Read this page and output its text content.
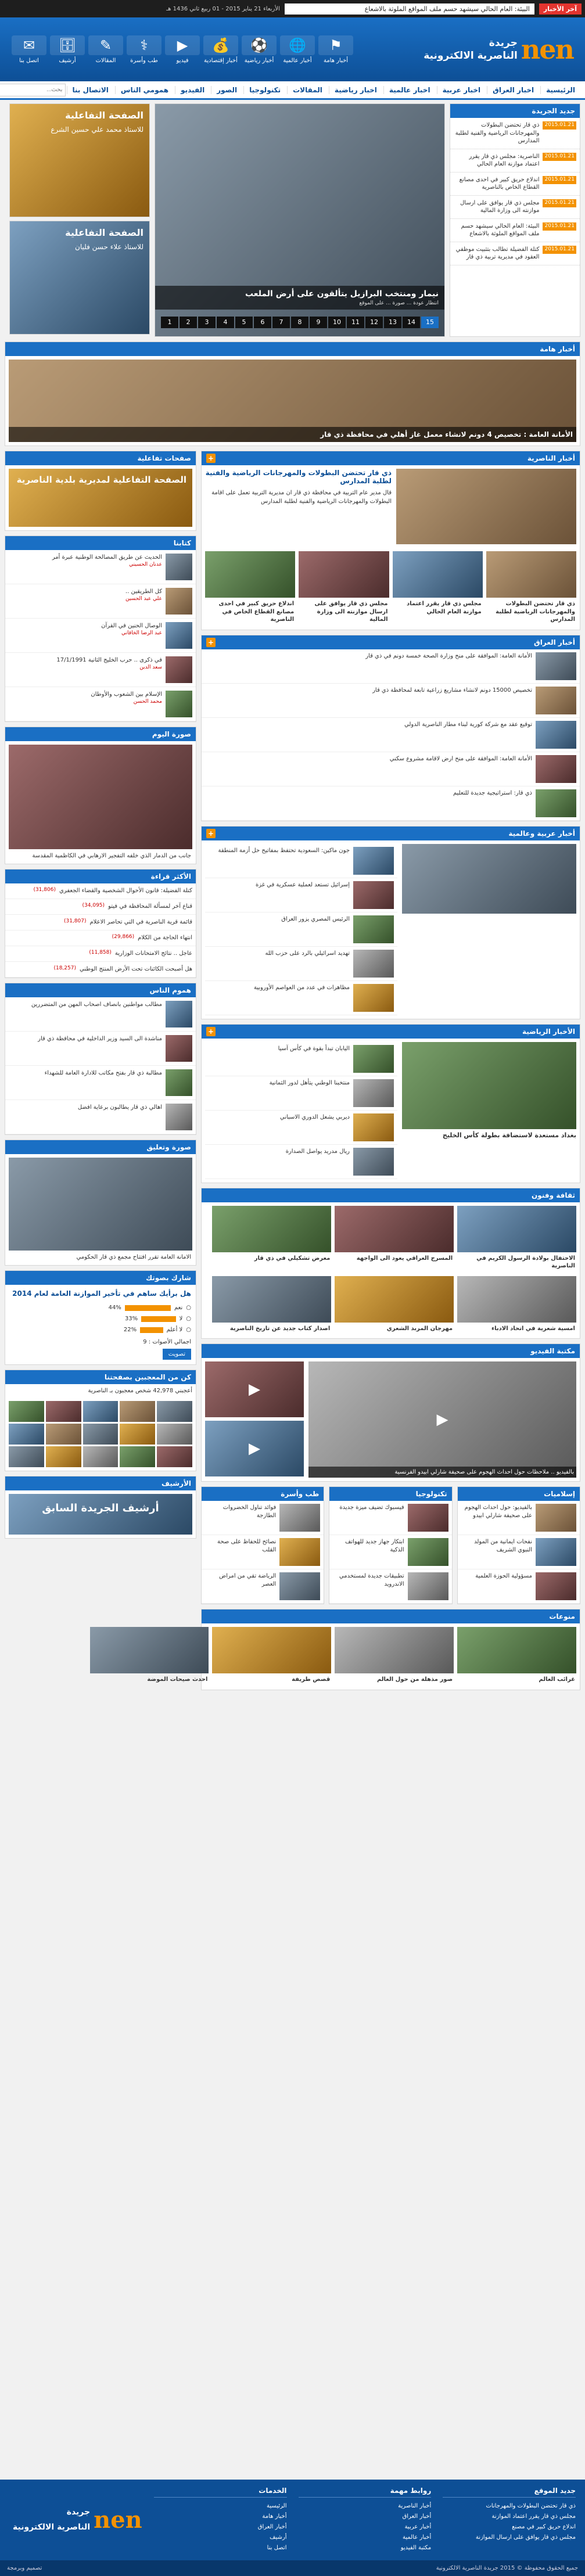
آخر الأخبار
البيئة: العام الحالي سيشهد حسم ملف المواقع الملوثة بالاشعاع
الأربعاء 21 يناير 2015 - 01 ربيع ثاني 1436 هـ
nen
جريدة
الناصرية الالكترونية
⚑
أخبار هامة
🌐
أخبار عالمية
⚽
أخبار رياضية
💰
أخبار إقتصادية
▶
فيديو
⚕
طب وأسرة
✎
المقالات
🗄
أرشيف
✉
اتصل بنا
الرئيسية
اخبار العراق
اخبار عربية
اخبار عالمية
اخبار رياضية
المقالات
تكنولوجيا
الصور
الفيديو
همومي الناس
الاتصال بنا
بحث...
جديد الجريدة
2015.01.21
ذي قار تحتضن البطولات والمهرجانات الرياضية والفنية لطلبة المدارس
2015.01.21
الناصرية: مجلس ذي قار يقرر اعتماد موازنة العام الحالي
2015.01.21
اندلاع حريق كبير في احدى مصانع القطاع الخاص بالناصرية
2015.01.21
مجلس ذي قار يوافق على ارسال موازنته الى وزارة المالية
2015.01.21
البيئة: العام الحالي سيشهد حسم ملف المواقع الملوثة بالاشعاع
2015.01.21
كتلة الفضيلة تطالب بتثبيت موظفي العقود في مديرية تربية ذي قار
نيمار ومنتخب البرازيل يتألقون على أرض الملعب
انتظار عودة ... صورة ... على الموقع
1	2	3	4	5	6	7	8	9	10	11	12	13	14	15
الصفحة التفاعلية
للاستاذ محمد علي حسين الشرع
الصفحة التفاعلية
للاستاذ علاء حسن فليان
أخبار هامة
الأمانة العامة : تخصيص 4 دونم لانشاء معمل غاز أهلي في محافظة ذي قار
صفحات تفاعلية
الصفحة التفاعلية لمديرية بلدية الناصرية
كتابنا
الحديث عن طريق المصالحة الوطنية عبرة أمر
عدنان الحسيني
كل الطريقين ..
علي عبد الحسين
الوصال الحنين في القرآن
عبد الرضا الخاقاني
في ذكرى .. حرب الخليج الثانية 17/1/1991
سعد الدين
الإسلام بين الشعوب والأوطان
محمد الحسن
صورة اليوم
جانب من الدمار الذي خلفه التفجير الارهابي في الكاظمية المقدسة
الأكثر قراءة
كتلة الفضيلة: قانون الأحوال الشخصية والقضاء الجعفري
(31,806)
قناع آخر لمسألة المحافظة في فيتو
(34,095)
قائمة قرية الناصرية في التي تحاصر الاعلام
(31,807)
انتهاء الحاجة من الكلام
(29,866)
عاجل .. نتائج الامتحانات الوزارية
(11,858)
هل أصبحت الكائنات تحت الأرض المنتج الوطني
(18,257)
هموم الناس
مطالب مواطنين بانصاف اصحاب المهن من المتضررين
مناشدة الى السيد وزير الداخلية في محافظة ذي قار
مطالبة ذي قار بفتح مكاتب للادارة العامة للشهداء
اهالي ذي قار يطالبون برعاية افضل
صورة وتعليق
الامانة العامة تقرر افتتاح مجمع ذي قار الحكومي
شارك بصوتك
هل برأيك ساهم في تأخير الموازنة العامة لعام 2014
○
نعم
44%
○
لا
33%
○
لا أعلم
22%
اجمالي الأصوات : 9
تصويت
كن من المعجبين بصفحتنا
أعجبني 42,978 شخص معجبون بـ الناصرية
الأرشيف
أرشيف الجريدة السابق
أخبار الناصرية
+
ذي قار تحتضن البطولات والمهرجانات الرياضية والفنية لطلبة المدارس
قال مدير عام التربية في محافظة ذي قار ان مديرية التربية تعمل على اقامة البطولات والمهرجانات الرياضية والفنية لطلبة المدارس
ذي قار تحتضن البطولات والمهرجانات الرياضية لطلبة المدارس
مجلس ذي قار يقرر اعتماد موازنة العام الحالي
مجلس ذي قار يوافق على ارسال موازنته الى وزارة المالية
اندلاع حريق كبير في احدى مصانع القطاع الخاص في الناصرية
أخبار العراق
+
الأمانة العامة: الموافقة على منح وزارة الصحة خمسة دونم في ذي قار
تخصيص 15000 دونم لانشاء مشاريع زراعية تابعة لمحافظة ذي قار
توقيع عقد مع شركة كورية لبناء مطار الناصرية الدولي
الأمانة العامة: الموافقة على منح ارض لاقامة مشروع سكني
ذي قار: استراتيجية جديدة للتعليم
أخبار عربية وعالمية
+
جون ماكين: السعودية تحتفظ بمفاتيح حل أزمة المنطقة
إسرائيل تستعد لعملية عسكرية في غزة
الرئيس المصري يزور العراق
تهديد اسرائيلي بالرد على حزب الله
مظاهرات في عدد من العواصم الأوروبية
الأخبار الرياضية
+
بغداد مستعدة لاستضافة بطولة كأس الخليج
اليابان تبدأ بقوة في كأس آسيا
منتخبنا الوطني يتأهل لدور الثمانية
ديربي يشعل الدوري الاسباني
ريال مدريد يواصل الصدارة
ثقافة وفنون
الاحتفال بولادة الرسول الكريم في الناصرية
المسرح العراقي يعود الى الواجهة
معرض تشكيلي في ذي قار
امسية شعرية في اتحاد الادباء
مهرجان المربد الشعري
اصدار كتاب جديد عن تاريخ الناصرية
مكتبة الفيديو
▶
بالفيديو .. ملاحظات حول احداث الهجوم على صحيفة شارلي ابيدو الفرنسية
▶
▶
إسلاميات
بالفيديو: حول احداث الهجوم على صحيفة شارلي ابيدو
نفحات ايمانية من المولد النبوي الشريف
مسؤولية الحوزة العلمية
تكنولوجيا
فيسبوك تضيف ميزة جديدة
ابتكار جهاز جديد للهواتف الذكية
تطبيقات جديدة لمستخدمي الاندرويد
طب وأسرة
فوائد تناول الخضروات الطازجة
نصائح للحفاظ على صحة القلب
الرياضة تقي من امراض العصر
منوعات
غرائب العالم
صور مذهلة من حول العالم
قصص طريفة
احدث صيحات الموضة
جديد الموقع
ذي قار تحتضن البطولات والمهرجانات
مجلس ذي قار يقرر اعتماد الموازنة
اندلاع حريق كبير في مصنع
مجلس ذي قار يوافق على ارسال الموازنة
روابط مهمة
أخبار الناصرية
أخبار العراق
أخبار عربية
أخبار عالمية
مكتبة الفيديو
الخدمات
الرئيسية
أخبار هامة
أخبار العراق
أرشيف
اتصل بنا
nen
جريدة
الناصرية الالكترونية
جميع الحقوق محفوظة © 2015 جريدة الناصرية الالكترونية
تصميم وبرمجة
